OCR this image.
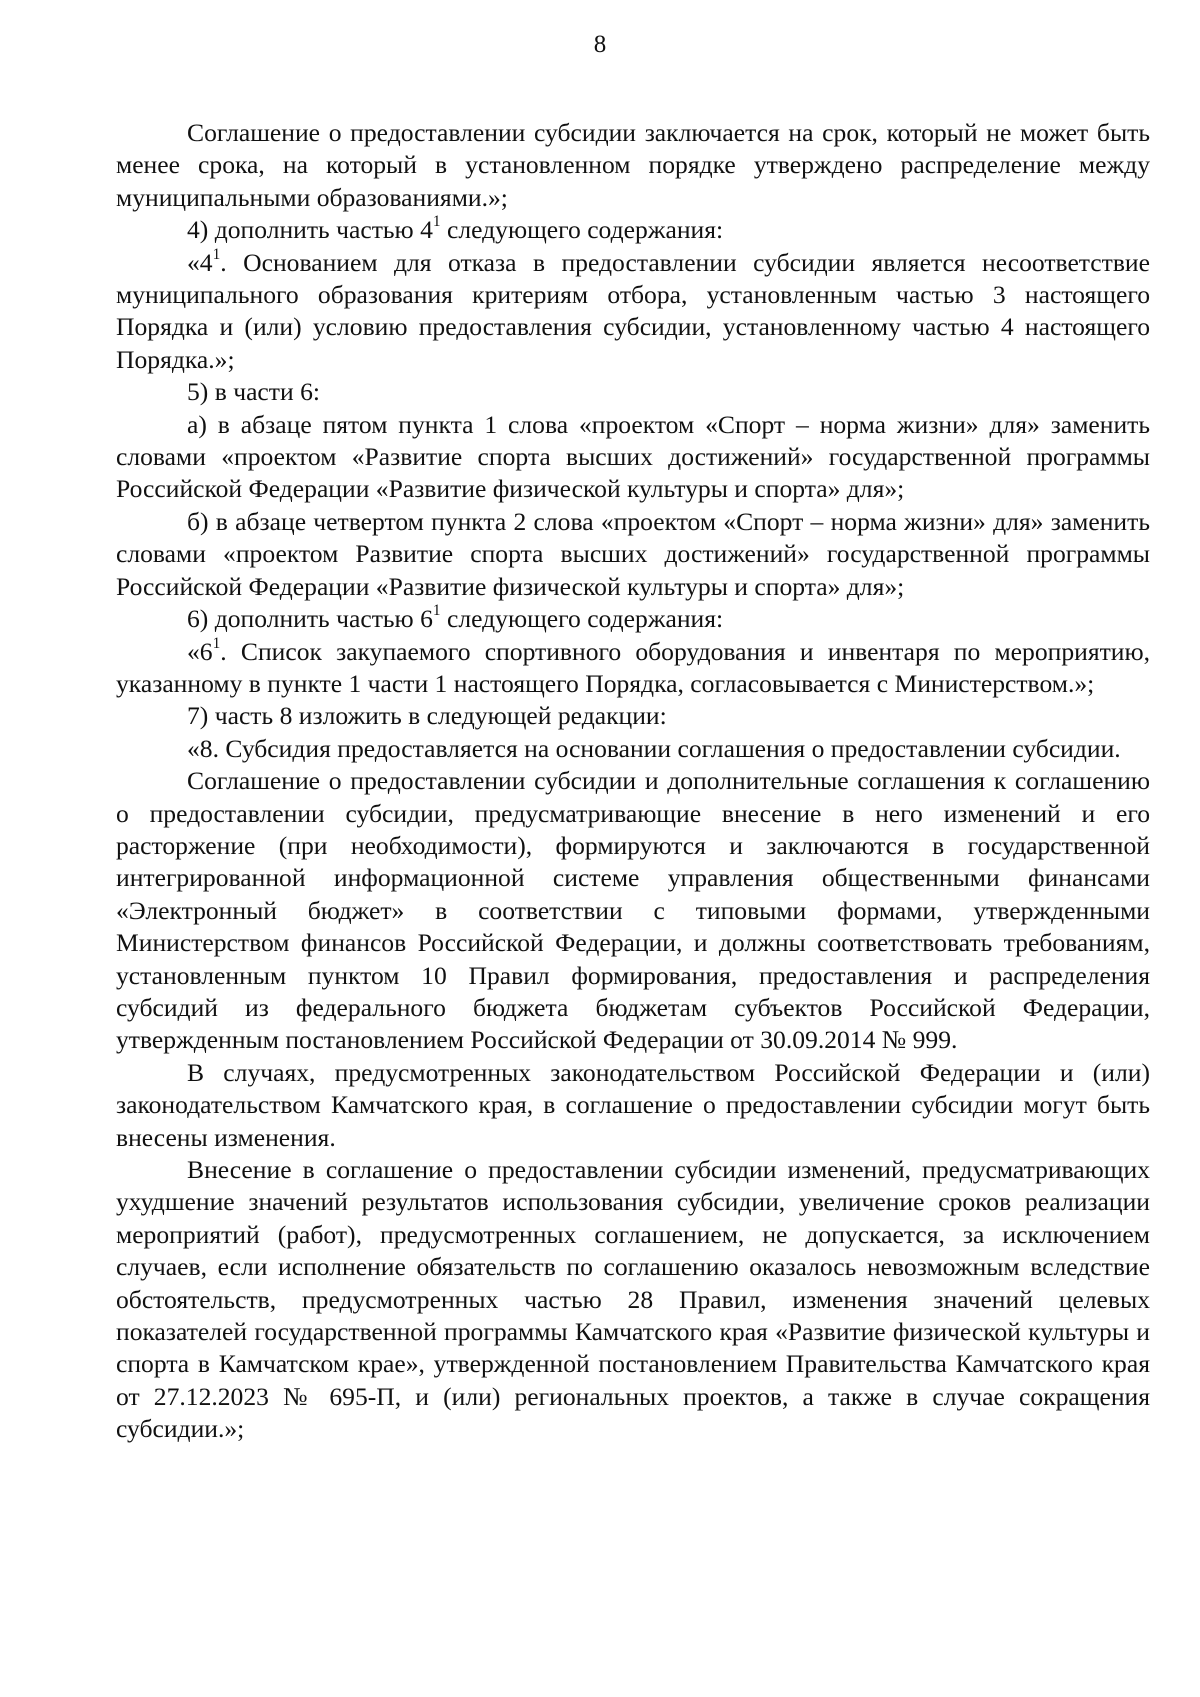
8

Соглашение о предоставлении субсидии заключается на срок, который не может быть менее срока, на который в установленном порядке утверждено распределение между муниципальными образованиями.»;

4) дополнить частью $4^1$ следующего содержания:

«$4^1$. Основанием для отказа в предоставлении субсидии является несоответствие муниципального образования критериям отбора, установленным частью 3 настоящего Порядка и (или) условию предоставления субсидии, установленному частью 4 настоящего Порядка.»;

5) в части 6:

а) в абзаце пятом пункта 1 слова «проектом «Спорт – норма жизни» для» заменить словами «проектом «Развитие спорта высших достижений» государственной программы Российской Федерации «Развитие физической культуры и спорта» для»;

б) в абзаце четвертом пункта 2 слова «проектом «Спорт – норма жизни» для» заменить словами «проектом Развитие спорта высших достижений» государственной программы Российской Федерации «Развитие физической культуры и спорта» для»;

6) дополнить частью $6^1$ следующего содержания:

«$6^1$. Список закупаемого спортивного оборудования и инвентаря по мероприятию, указанному в пункте 1 части 1 настоящего Порядка, согласовывается с Министерством.»;

7) часть 8 изложить в следующей редакции:

«8. Субсидия предоставляется на основании соглашения о предоставлении субсидии.

Соглашение о предоставлении субсидии и дополнительные соглашения к соглашению о предоставлении субсидии, предусматривающие внесение в него изменений и его расторжение (при необходимости), формируются и заключаются в государственной интегрированной информационной системе управления общественными финансами «Электронный бюджет» в соответствии с типовыми формами, утвержденными Министерством финансов Российской Федерации, и должны соответствовать требованиям, установленным пунктом 10 Правил формирования, предоставления и распределения субсидий из федерального бюджета бюджетам субъектов Российской Федерации, утвержденным постановлением Российской Федерации от 30.09.2014 № 999.

В случаях, предусмотренных законодательством Российской Федерации и (или) законодательством Камчатского края, в соглашение о предоставлении субсидии могут быть внесены изменения.

Внесение в соглашение о предоставлении субсидии изменений, предусматривающих ухудшение значений результатов использования субсидии, увеличение сроков реализации мероприятий (работ), предусмотренных соглашением, не допускается, за исключением случаев, если исполнение обязательств по соглашению оказалось невозможным вследствие обстоятельств, предусмотренных частью 28 Правил, изменения значений целевых показателей государственной программы Камчатского края «Развитие физической культуры и спорта в Камчатском крае», утвержденной постановлением Правительства Камчатского края от 27.12.2023 № 695-П, и (или) региональных проектов, а также в случае сокращения субсидии.»;
